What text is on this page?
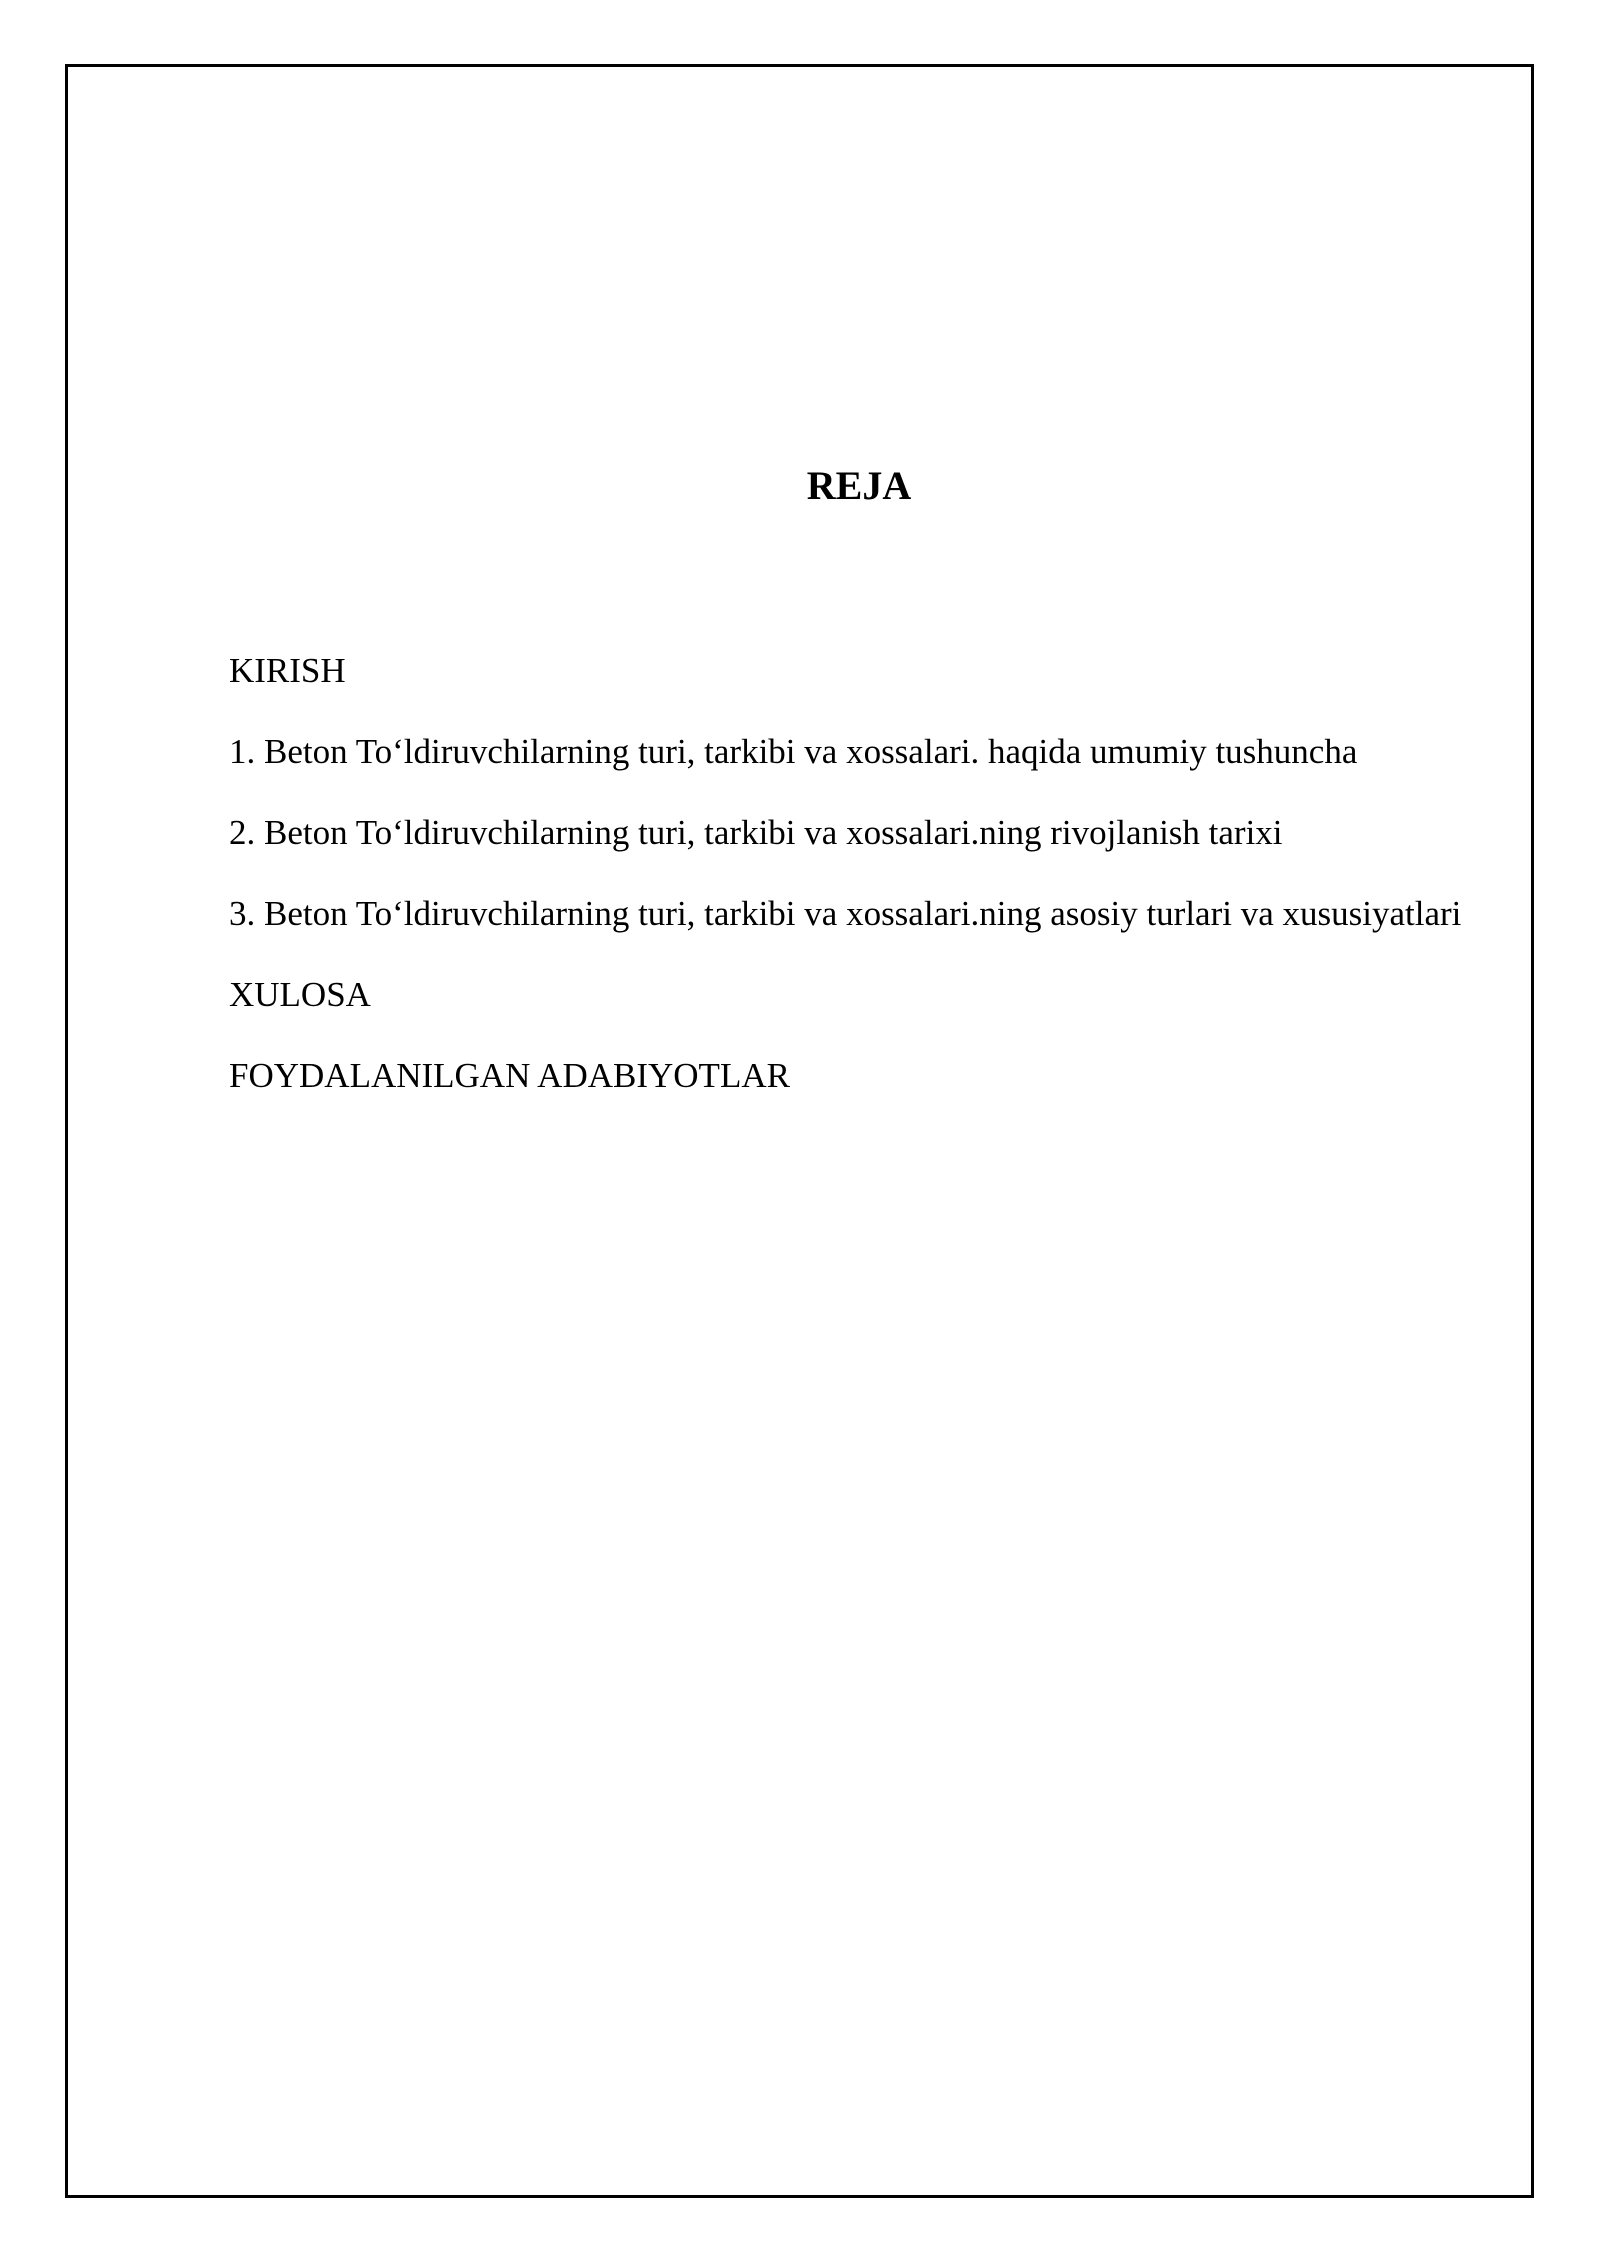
REJA
KIRISH
1. Beton To‘ldiruvchilarning turi, tarkibi va xossalari. haqida umumiy tushuncha
2. Beton To‘ldiruvchilarning turi, tarkibi va xossalari.ning rivojlanish tarixi
3. Beton To‘ldiruvchilarning turi, tarkibi va xossalari.ning asosiy turlari va xususiyatlari
XULOSA
FOYDALANILGAN ADABIYOTLAR
